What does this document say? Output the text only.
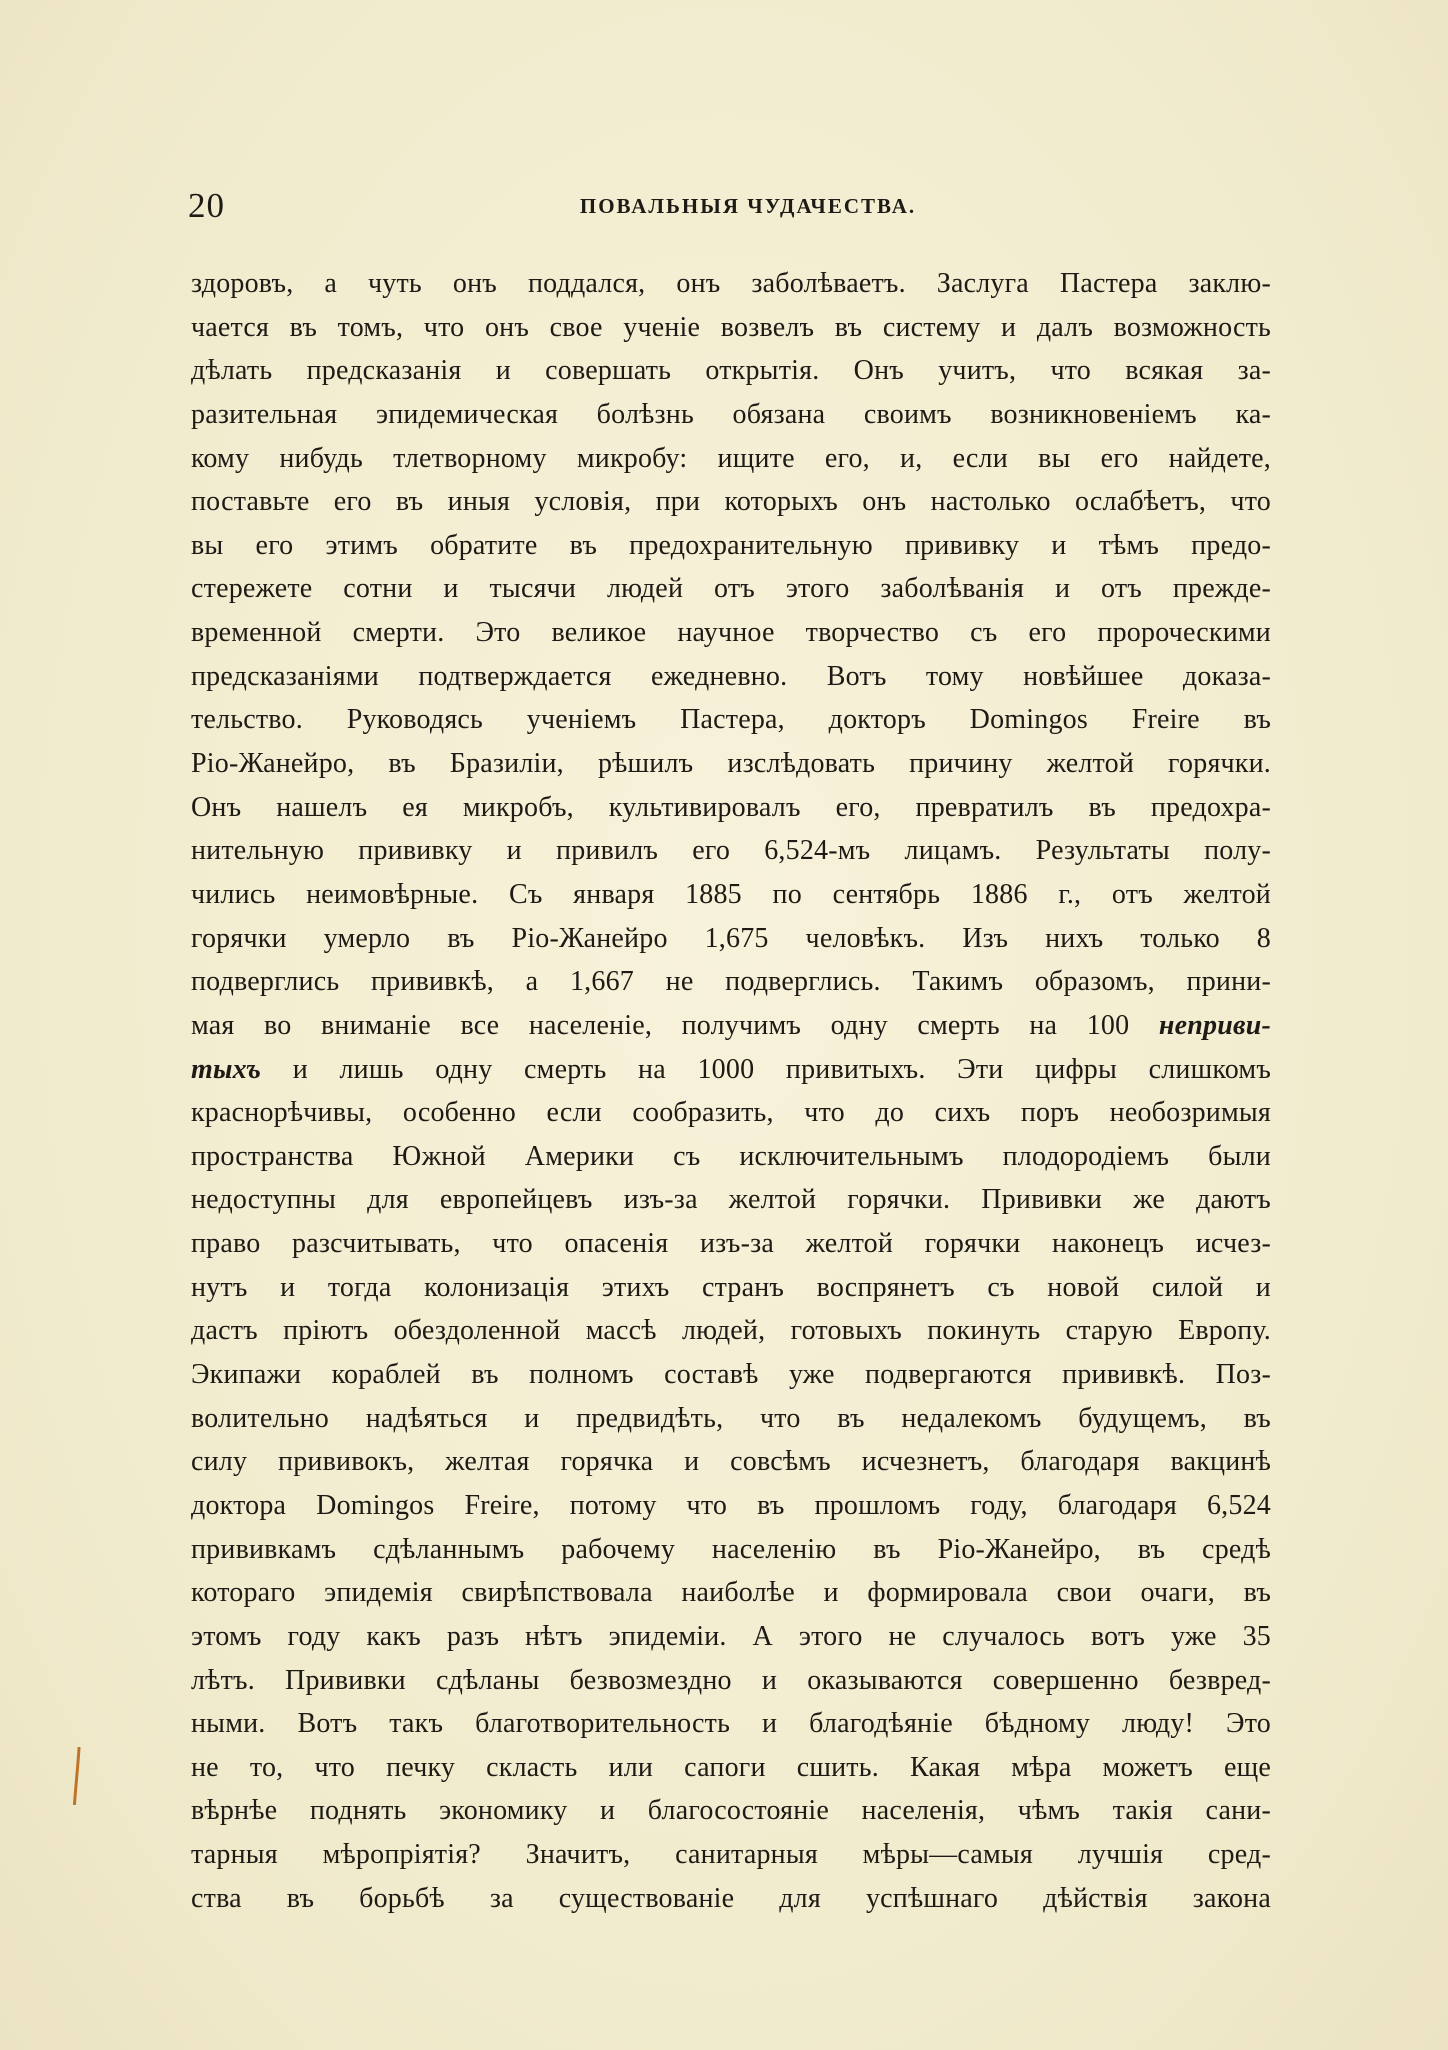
20	ПОВАЛЬНЫЯ ЧУДАЧЕСТВА.
здоровъ, а чуть онъ поддался, онъ заболѣваетъ. Заслуга Пастера заклю-
чается въ томъ, что онъ свое ученіе возвелъ въ систему и далъ возможность
дѣлать предсказанія и совершать открытія. Онъ учитъ, что всякая за-
разительная эпидемическая болѣзнь обязана своимъ возникновеніемъ ка-
кому нибудь тлетворному микробу: ищите его, и, если вы его найдете,
поставьте его въ иныя условія, при которыхъ онъ настолько ослабѣетъ, что
вы его этимъ обратите въ предохранительную прививку и тѣмъ предо-
стережете сотни и тысячи людей отъ этого заболѣванія и отъ прежде-
временной смерти. Это великое научное творчество съ его пророческими
предсказаніями подтверждается ежедневно. Вотъ тому новѣйшее доказа-
тельство. Руководясь ученіемъ Пастера, докторъ Domingos Freire въ
Ріо-Жанейро, въ Бразиліи, рѣшилъ изслѣдовать причину желтой горячки.
Онъ нашелъ ея микробъ, культивировалъ его, превратилъ въ предохра-
нительную прививку и привилъ его 6,524-мъ лицамъ. Результаты полу-
чились неимовѣрные. Съ января 1885 по сентябрь 1886 г., отъ желтой
горячки умерло въ Ріо-Жанейро 1,675 человѣкъ. Изъ нихъ только 8
подверглись прививкѣ, а 1,667 не подверглись. Такимъ образомъ, прини-
мая во вниманіе все населеніе, получимъ одну смерть на 100 неприви-
тыхъ и лишь одну смерть на 1000 привитыхъ. Эти цифры слишкомъ
краснорѣчивы, особенно если сообразить, что до сихъ поръ необозримыя
пространства Южной Америки съ исключительнымъ плодородіемъ были
недоступны для европейцевъ изъ-за желтой горячки. Прививки же даютъ
право разсчитывать, что опасенія изъ-за желтой горячки наконецъ исчез-
нутъ и тогда колонизація этихъ странъ воспрянетъ съ новой силой и
дастъ пріютъ обездоленной массѣ людей, готовыхъ покинуть старую Европу.
Экипажи кораблей въ полномъ составѣ уже подвергаются прививкѣ. Поз-
волительно надѣяться и предвидѣть, что въ недалекомъ будущемъ, въ
силу прививокъ, желтая горячка и совсѣмъ исчезнетъ, благодаря вакцинѣ
доктора Domingos Freire, потому что въ прошломъ году, благодаря 6,524
прививкамъ сдѣланнымъ рабочему населенію въ Ріо-Жанейро, въ средѣ
котораго эпидемія свирѣпствовала наиболѣе и формировала свои очаги, въ
этомъ году какъ разъ нѣтъ эпидеміи. А этого не случалось вотъ уже 35
лѣтъ. Прививки сдѣланы безвозмездно и оказываются совершенно безвред-
ными. Вотъ такъ благотворительность и благодѣяніе бѣдному люду! Это
не то, что печку скласть или сапоги сшить. Какая мѣра можетъ еще
вѣрнѣе поднять экономику и благосостояніе населенія, чѣмъ такія сани-
тарныя мѣропріятія? Значитъ, санитарныя мѣры—самыя лучшія сред-
ства въ борьбѣ за существованіе для успѣшнаго дѣйствія закона
